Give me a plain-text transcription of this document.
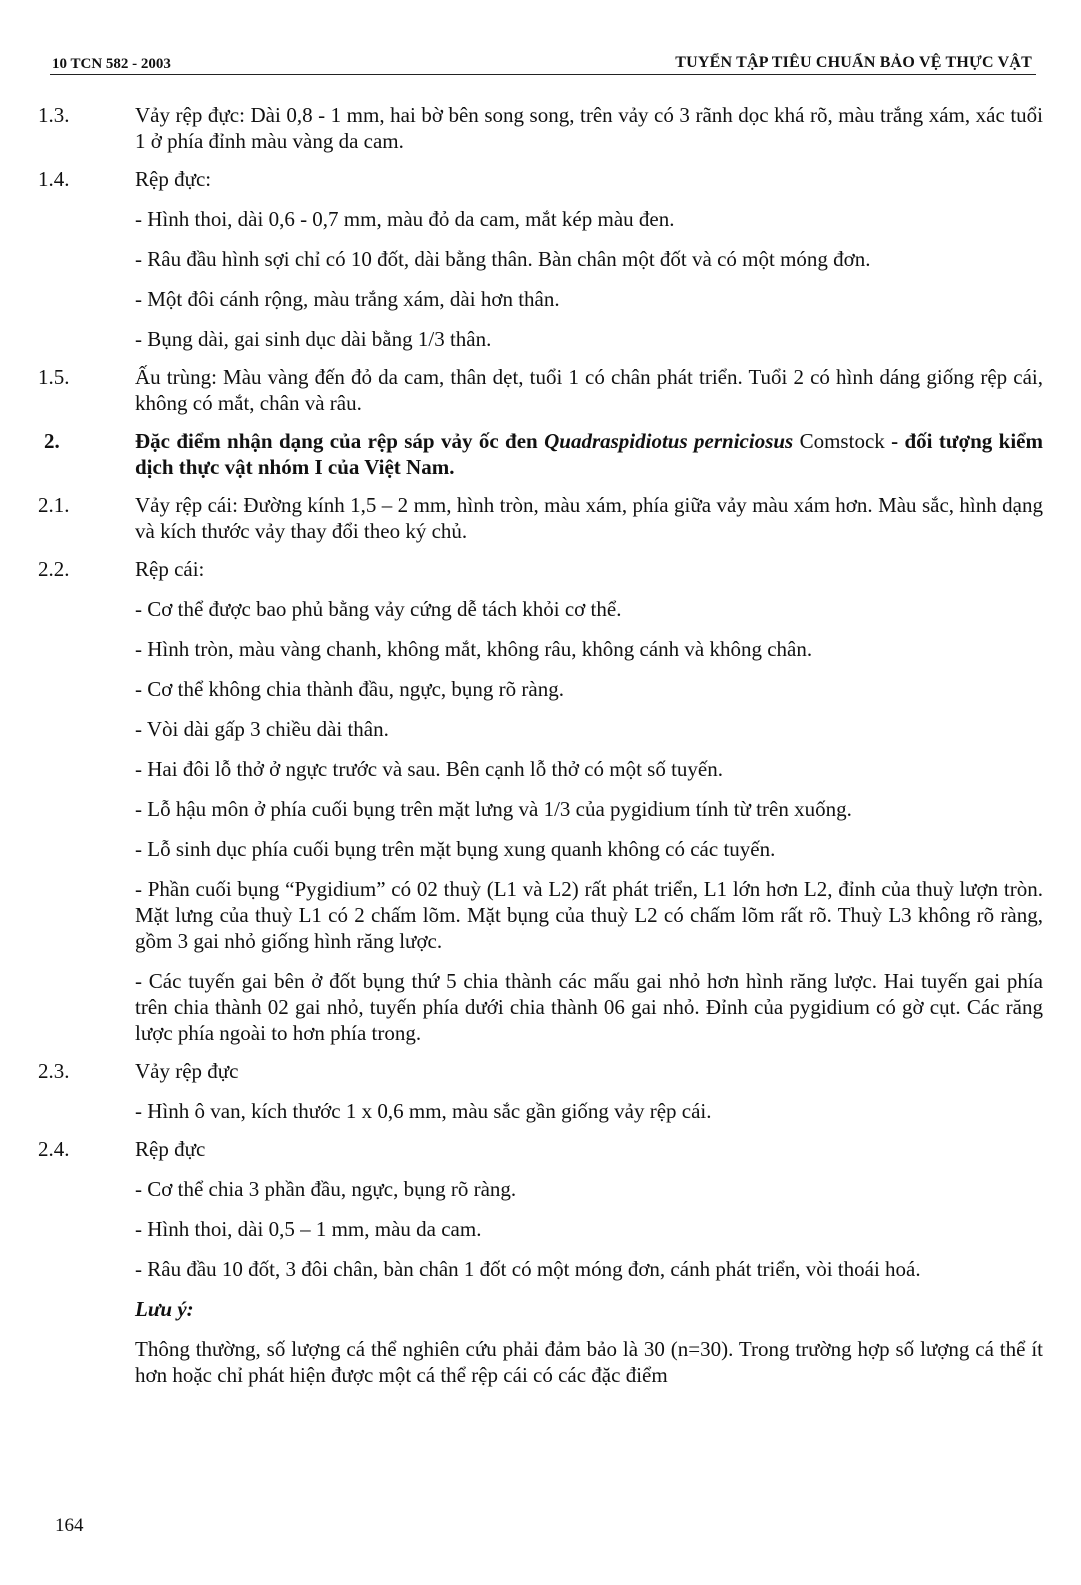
10 TCN 582 - 2003	TUYỂN TẬP TIÊU CHUẨN BẢO VỆ THỰC VẬT
1.3.	Vảy rệp đực: Dài 0,8 - 1 mm, hai bờ bên song song, trên vảy có 3 rãnh dọc khá rõ, màu trắng xám, xác tuổi 1 ở phía đỉnh màu vàng da cam.
1.4.	Rệp đực:

- Hình thoi, dài 0,6 - 0,7 mm, màu đỏ da cam, mắt kép màu đen.

- Râu đầu hình sợi chỉ có 10 đốt, dài bằng thân. Bàn chân một đốt và có một móng đơn.

- Một đôi cánh rộng, màu trắng xám, dài hơn thân.

- Bụng dài, gai sinh dục dài bằng 1/3 thân.

1.5.	Ấu trùng: Màu vàng đến đỏ da cam, thân dẹt, tuổi 1 có chân phát triển. Tuổi 2 có hình dáng giống rệp cái, không có mắt, chân và râu.
2.	Đặc điểm nhận dạng của rệp sáp vảy ốc đen Quadraspidiotus perniciosus Comstock - đối tượng kiểm dịch thực vật nhóm I của Việt Nam.
2.1.	Vảy rệp cái: Đường kính 1,5 – 2 mm, hình tròn, màu xám, phía giữa vảy màu xám hơn. Màu sắc, hình dạng và kích thước vảy thay đổi theo ký chủ.
2.2.	Rệp cái:

- Cơ thể được bao phủ bằng vảy cứng dễ tách khỏi cơ thể.

- Hình tròn, màu vàng chanh, không mắt, không râu, không cánh và không chân.

- Cơ thể không chia thành đầu, ngực, bụng rõ ràng.

- Vòi dài gấp 3 chiều dài thân.

- Hai đôi lỗ thở ở ngực trước và sau. Bên cạnh lỗ thở có một số tuyến.

- Lỗ hậu môn ở phía cuối bụng trên mặt lưng và 1/3 của pygidium tính từ trên xuống.

- Lỗ sinh dục phía cuối bụng trên mặt bụng xung quanh không có các tuyến.

- Phần cuối bụng “Pygidium” có 02 thuỳ (L1 và L2) rất phát triển, L1 lớn hơn L2, đỉnh của thuỳ lượn tròn. Mặt lưng của thuỳ L1 có 2 chấm lõm. Mặt bụng của thuỳ L2 có chấm lõm rất rõ. Thuỳ L3 không rõ ràng, gồm 3 gai nhỏ giống hình răng lược.

- Các tuyến gai bên ở đốt bụng thứ 5 chia thành các mấu gai nhỏ hơn hình răng lược. Hai tuyến gai phía trên chia thành 02 gai nhỏ, tuyến phía dưới chia thành 06 gai nhỏ. Đỉnh của pygidium có gờ cụt. Các răng lược phía ngoài to hơn phía trong.

2.3.	Vảy rệp đực

- Hình ô van, kích thước 1 x 0,6 mm, màu sắc gần giống vảy rệp cái.

2.4.	Rệp đực

- Cơ thể chia 3 phần đầu, ngực, bụng rõ ràng.

- Hình thoi, dài 0,5 – 1 mm, màu da cam.

- Râu đầu 10 đốt, 3 đôi chân, bàn chân 1 đốt có một móng đơn, cánh phát triển, vòi thoái hoá.

Lưu ý:
Thông thường, số lượng cá thể nghiên cứu phải đảm bảo là 30 (n=30). Trong trường hợp số lượng cá thể ít hơn hoặc chỉ phát hiện được một cá thể rệp cái có các đặc điểm
164
